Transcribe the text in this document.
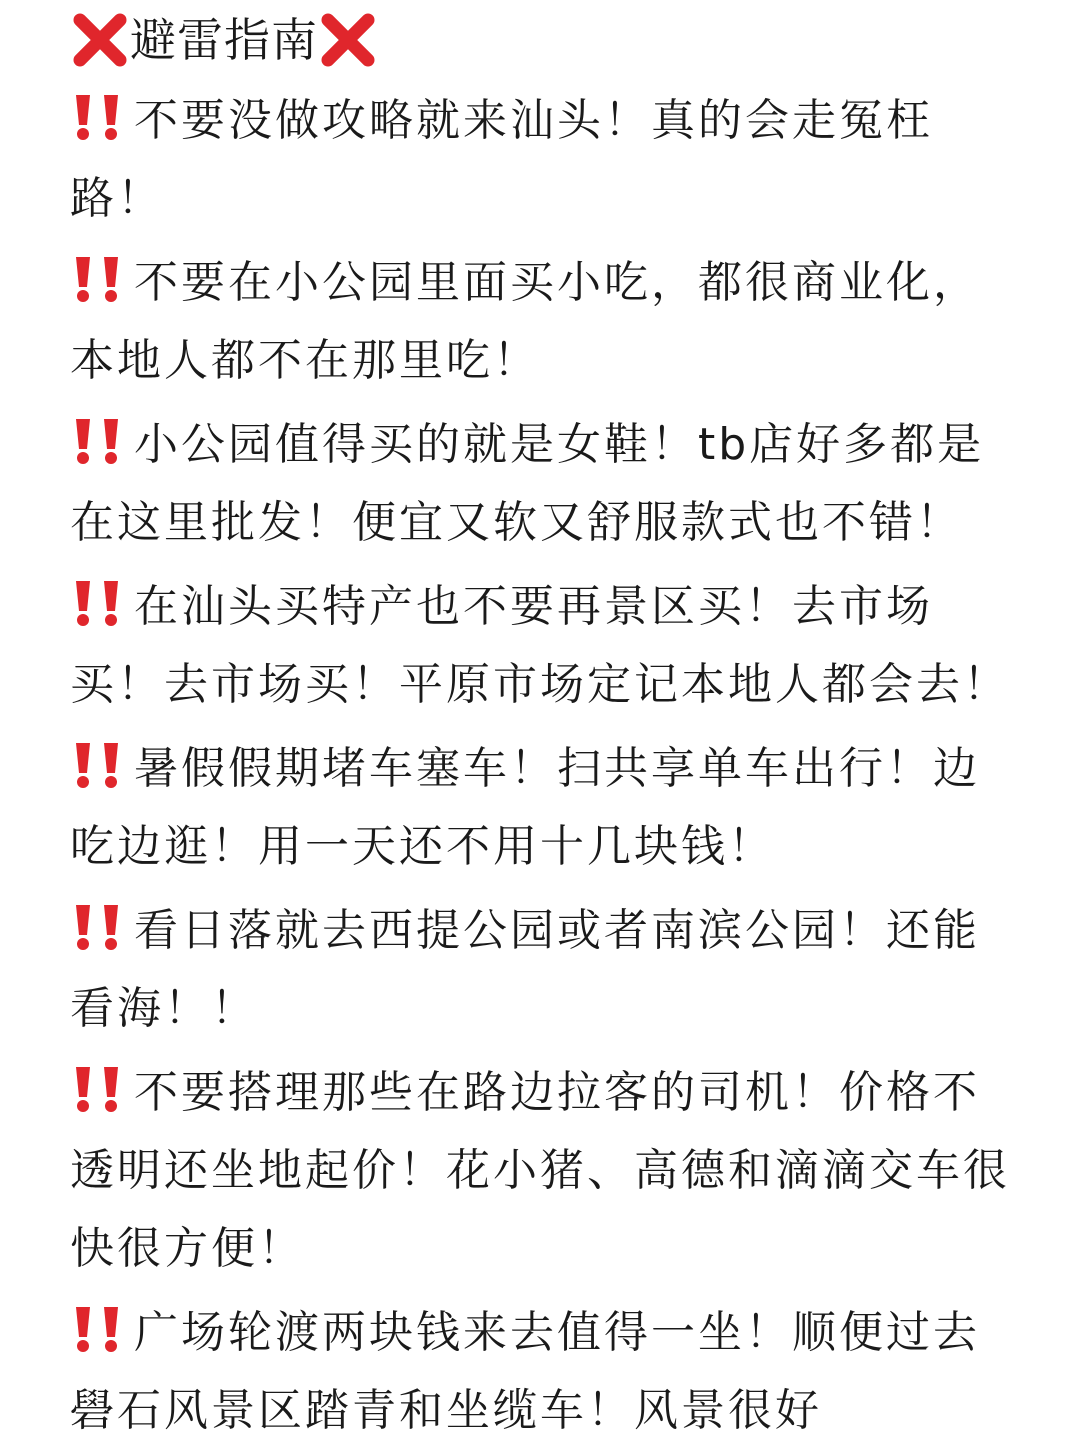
避雷指南
不要没做攻略就来汕头！真的会走冤枉路！
不要在小公园里面买小吃，都很商业化，本地人都不在那里吃！
小公园值得买的就是女鞋！tb店好多都是在这里批发！便宜又软又舒服款式也不错！
在汕头买特产也不要再景区买！去市场买！去市场买！平原市场定记本地人都会去！
暑假假期堵车塞车！扫共享单车出行！边吃边逛！用一天还不用十几块钱！
看日落就去西提公园或者南滨公园！还能看海！！
不要搭理那些在路边拉客的司机！价格不透明还坐地起价！花小猪、高德和滴滴交车很快很方便！
广场轮渡两块钱来去值得一坐！顺便过去礐石风景区踏青和坐缆车！风景很好
